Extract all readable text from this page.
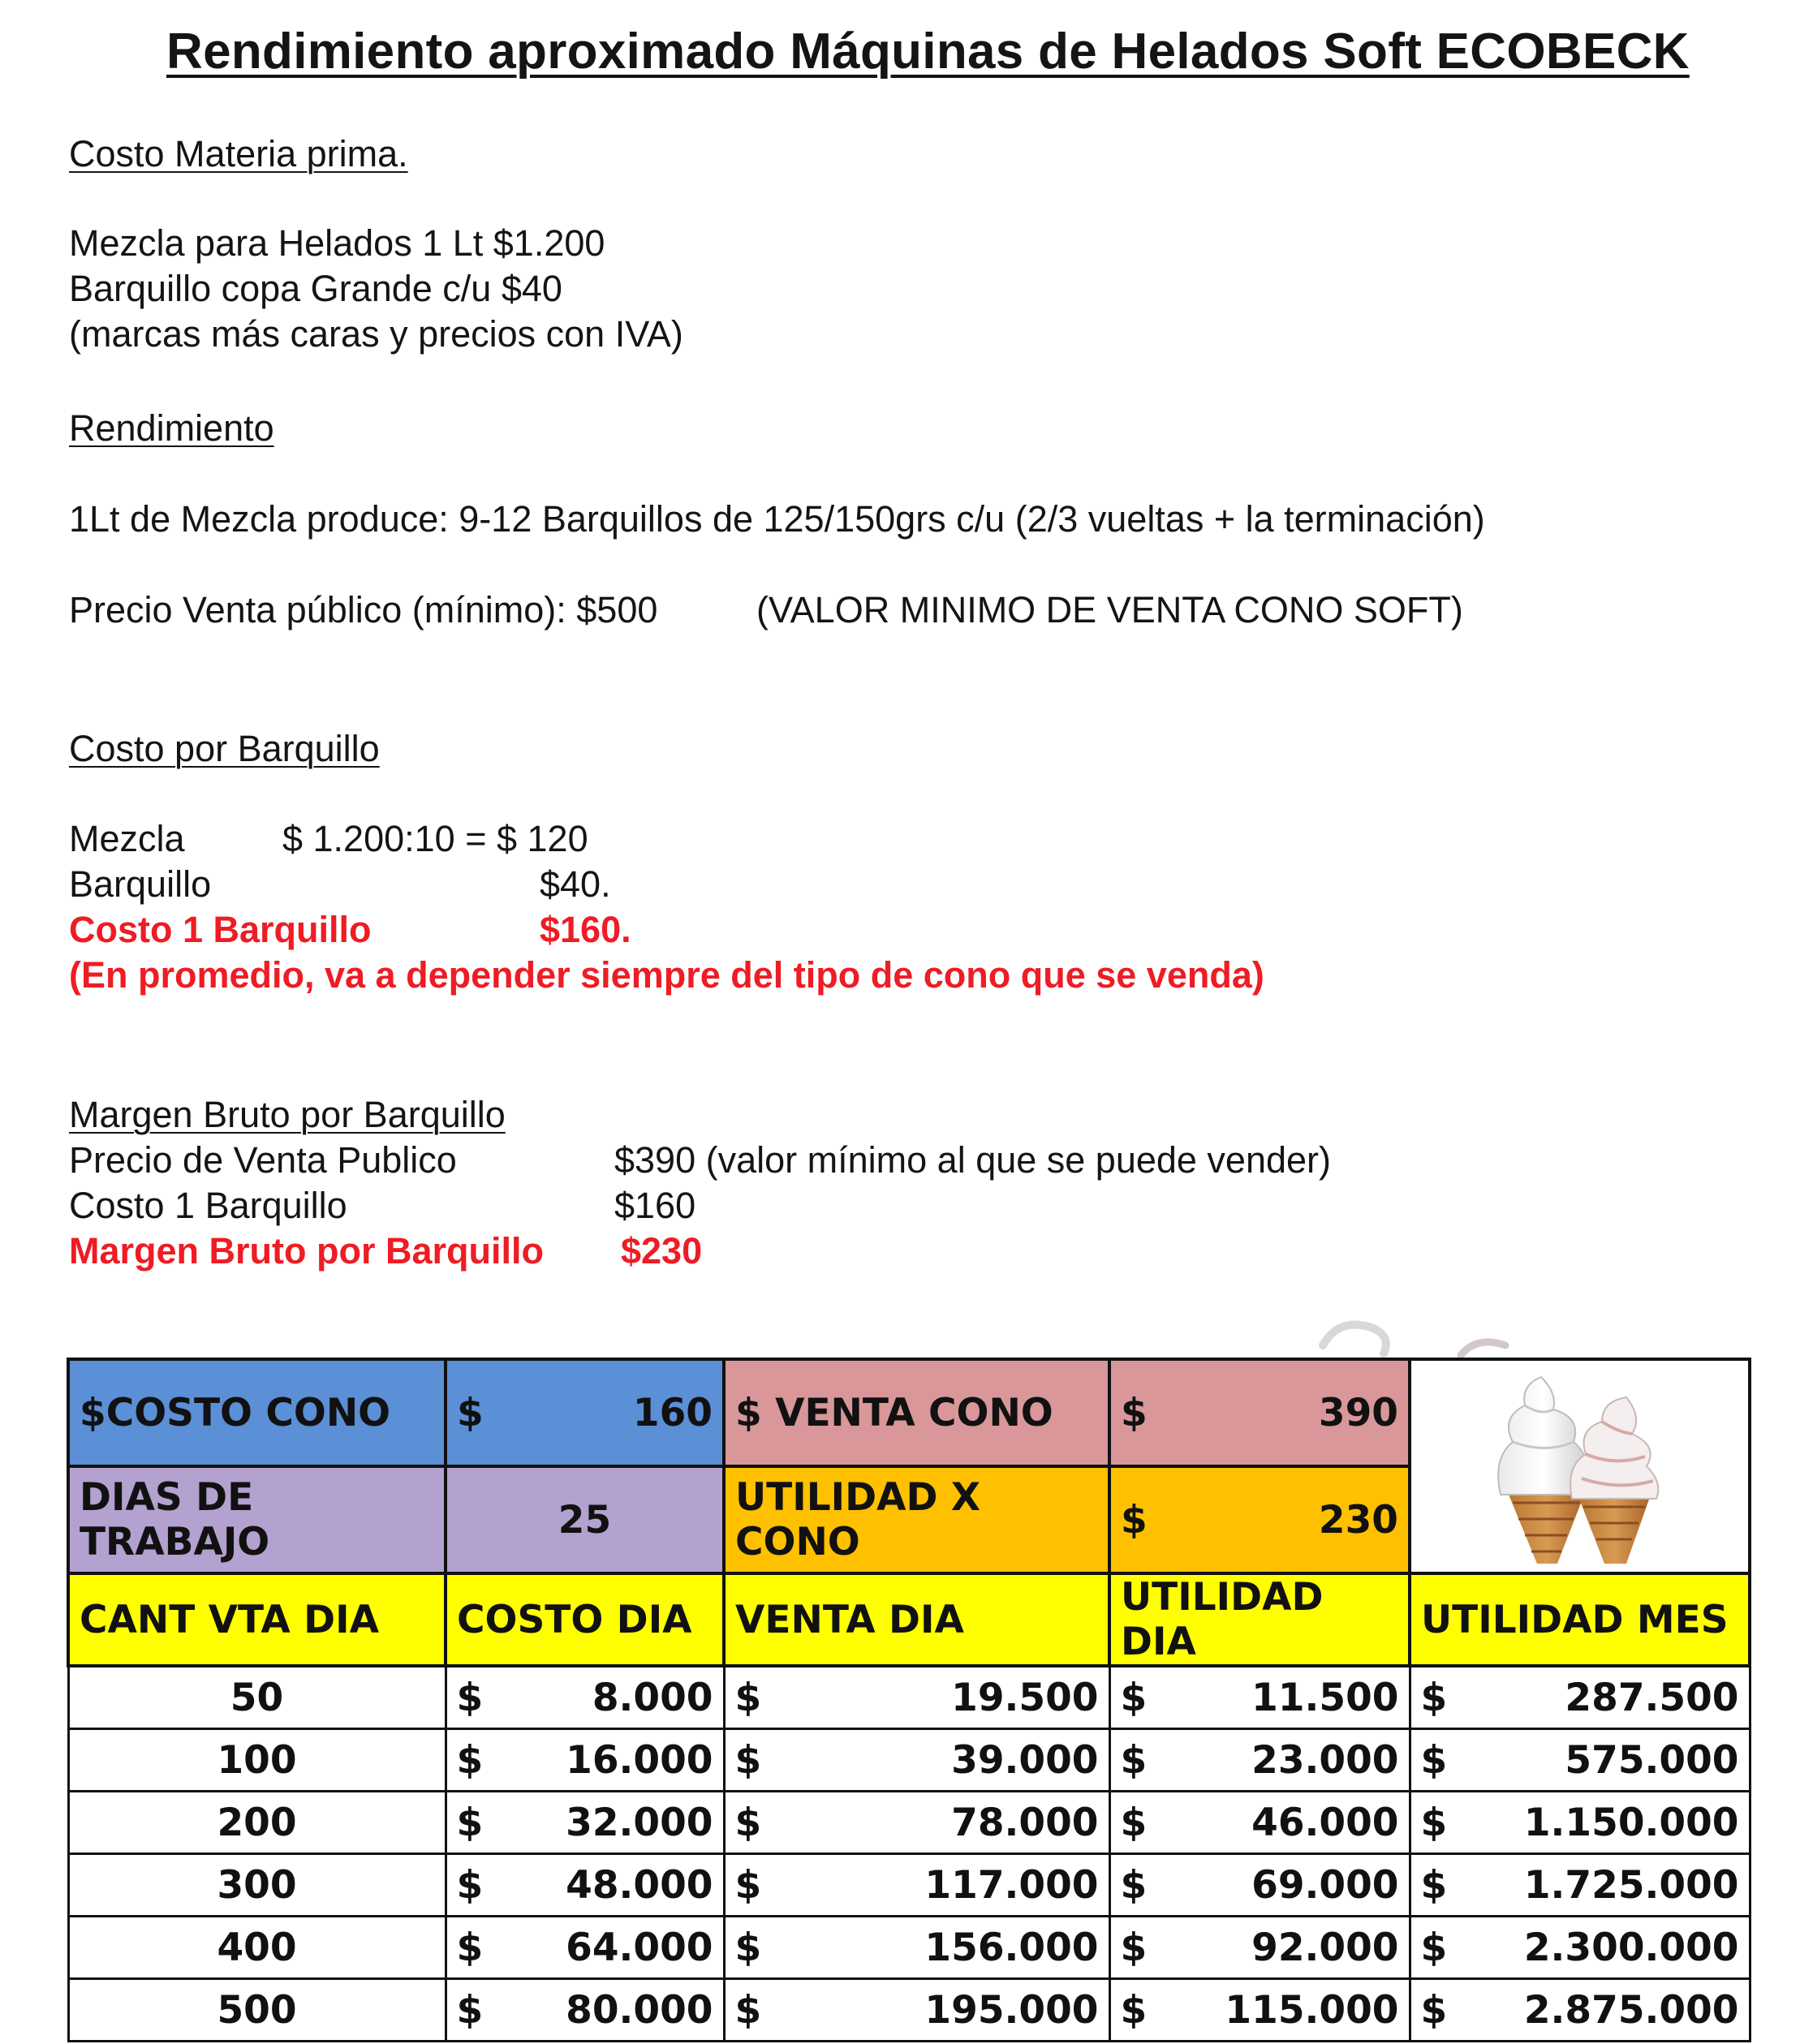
Rendimiento aproximado Máquinas de Helados Soft ECOBECK
Costo Materia prima.
Mezcla para Helados 1 Lt $1.200
Barquillo copa Grande c/u $40
(marcas más caras y precios con IVA)
Rendimiento
1Lt de Mezcla produce: 9-12 Barquillos de 125/150grs c/u (2/3 vueltas + la terminación)
Precio Venta público (mínimo): $500	(VALOR MINIMO DE VENTA CONO SOFT)
Costo por Barquillo
Mezcla	$ 1.200:10 = $ 120
Barquillo	$40.
Costo 1 Barquillo	$160.
(En promedio, va a depender siempre del tipo de cono que se venda)
Margen Bruto por Barquillo
Precio de Venta Publico	$390 (valor mínimo al que se puede vender)
Costo 1 Barquillo	$160
Margen Bruto por Barquillo $230
$COSTO CONO	$ 160	$ VENTA CONO	$ 390

DIAS DE TRABAJO	25	UTILIDAD X CONO	$ 230	

CANT VTA DIA	COSTO DIA	VENTA DIA	UTILIDAD DIA	UTILIDAD MES
50	$ 8.000	$ 19.500	$ 11.500	$ 287.500

100	$ 16.000	$ 39.000	$ 23.000	$ 575.000

200	$ 32.000	$ 78.000	$ 46.000	$ 1.150.000

300	$ 48.000	$ 117.000	$ 69.000	$ 1.725.000

400	$ 64.000	$ 156.000	$ 92.000	$ 2.300.000

500	$ 80.000	$ 195.000	$ 115.000	$ 2.875.000
